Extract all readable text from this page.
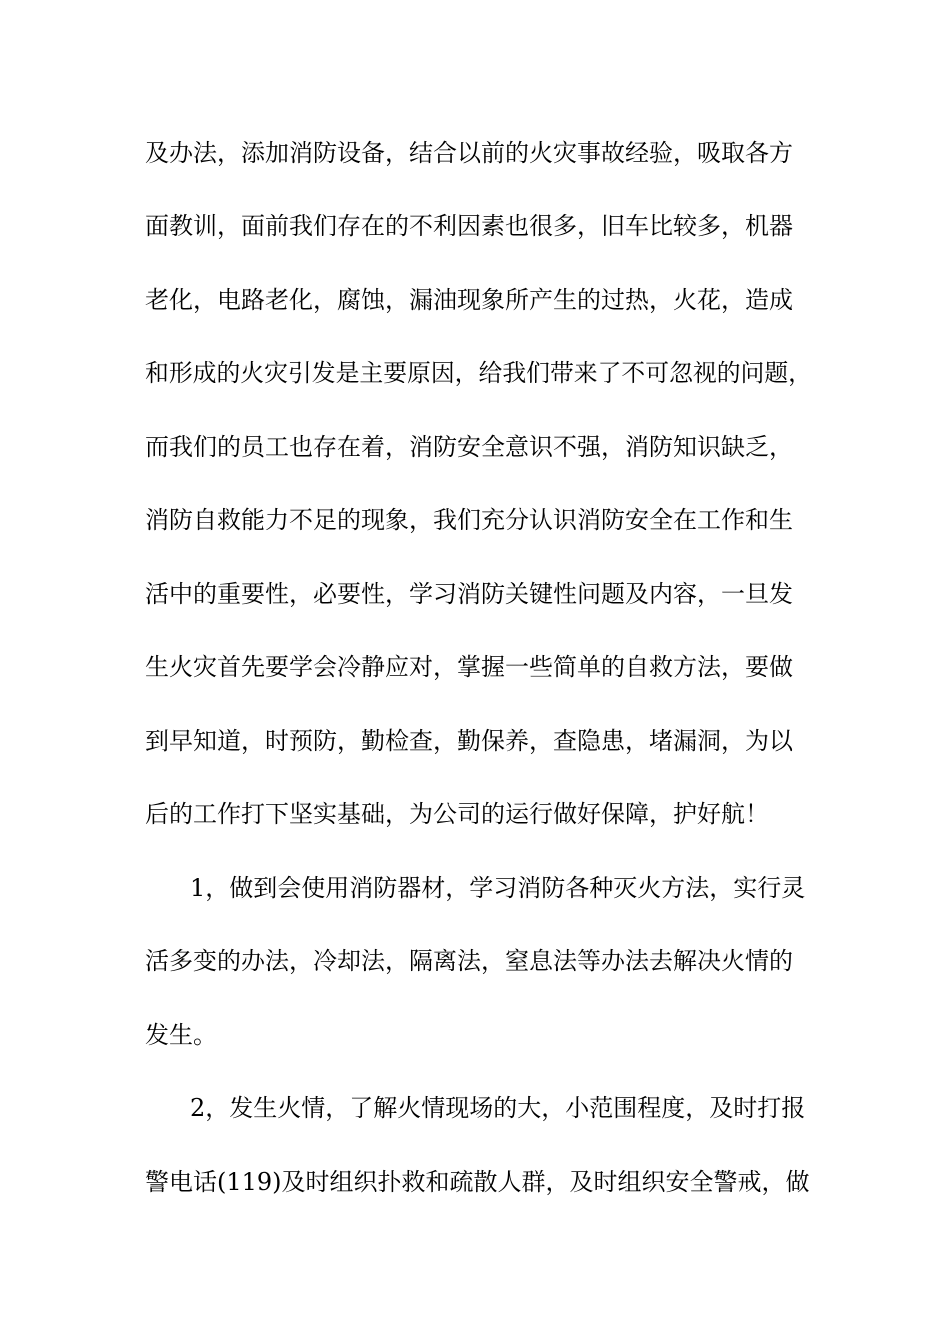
及办法，添加消防设备，结合以前的火灾事故经验，吸取各方

面教训，面前我们存在的不利因素也很多，旧车比较多，机器

老化，电路老化，腐蚀，漏油现象所产生的过热，火花，造成

和形成的火灾引发是主要原因，给我们带来了不可忽视的问题，

而我们的员工也存在着，消防安全意识不强，消防知识缺乏，

消防自救能力不足的现象，我们充分认识消防安全在工作和生

活中的重要性，必要性，学习消防关键性问题及内容，一旦发

生火灾首先要学会冷静应对，掌握一些简单的自救方法，要做

到早知道，时预防，勤检查，勤保养，查隐患，堵漏洞，为以

后的工作打下坚实基础，为公司的运行做好保障，护好航！

1，做到会使用消防器材，学习消防各种灭火方法，实行灵

活多变的办法，冷却法，隔离法，窒息法等办法去解决火情的

发生。

2，发生火情，了解火情现场的大，小范围程度，及时打报

警电话(119)及时组织扑救和疏散人群，及时组织安全警戒，做
